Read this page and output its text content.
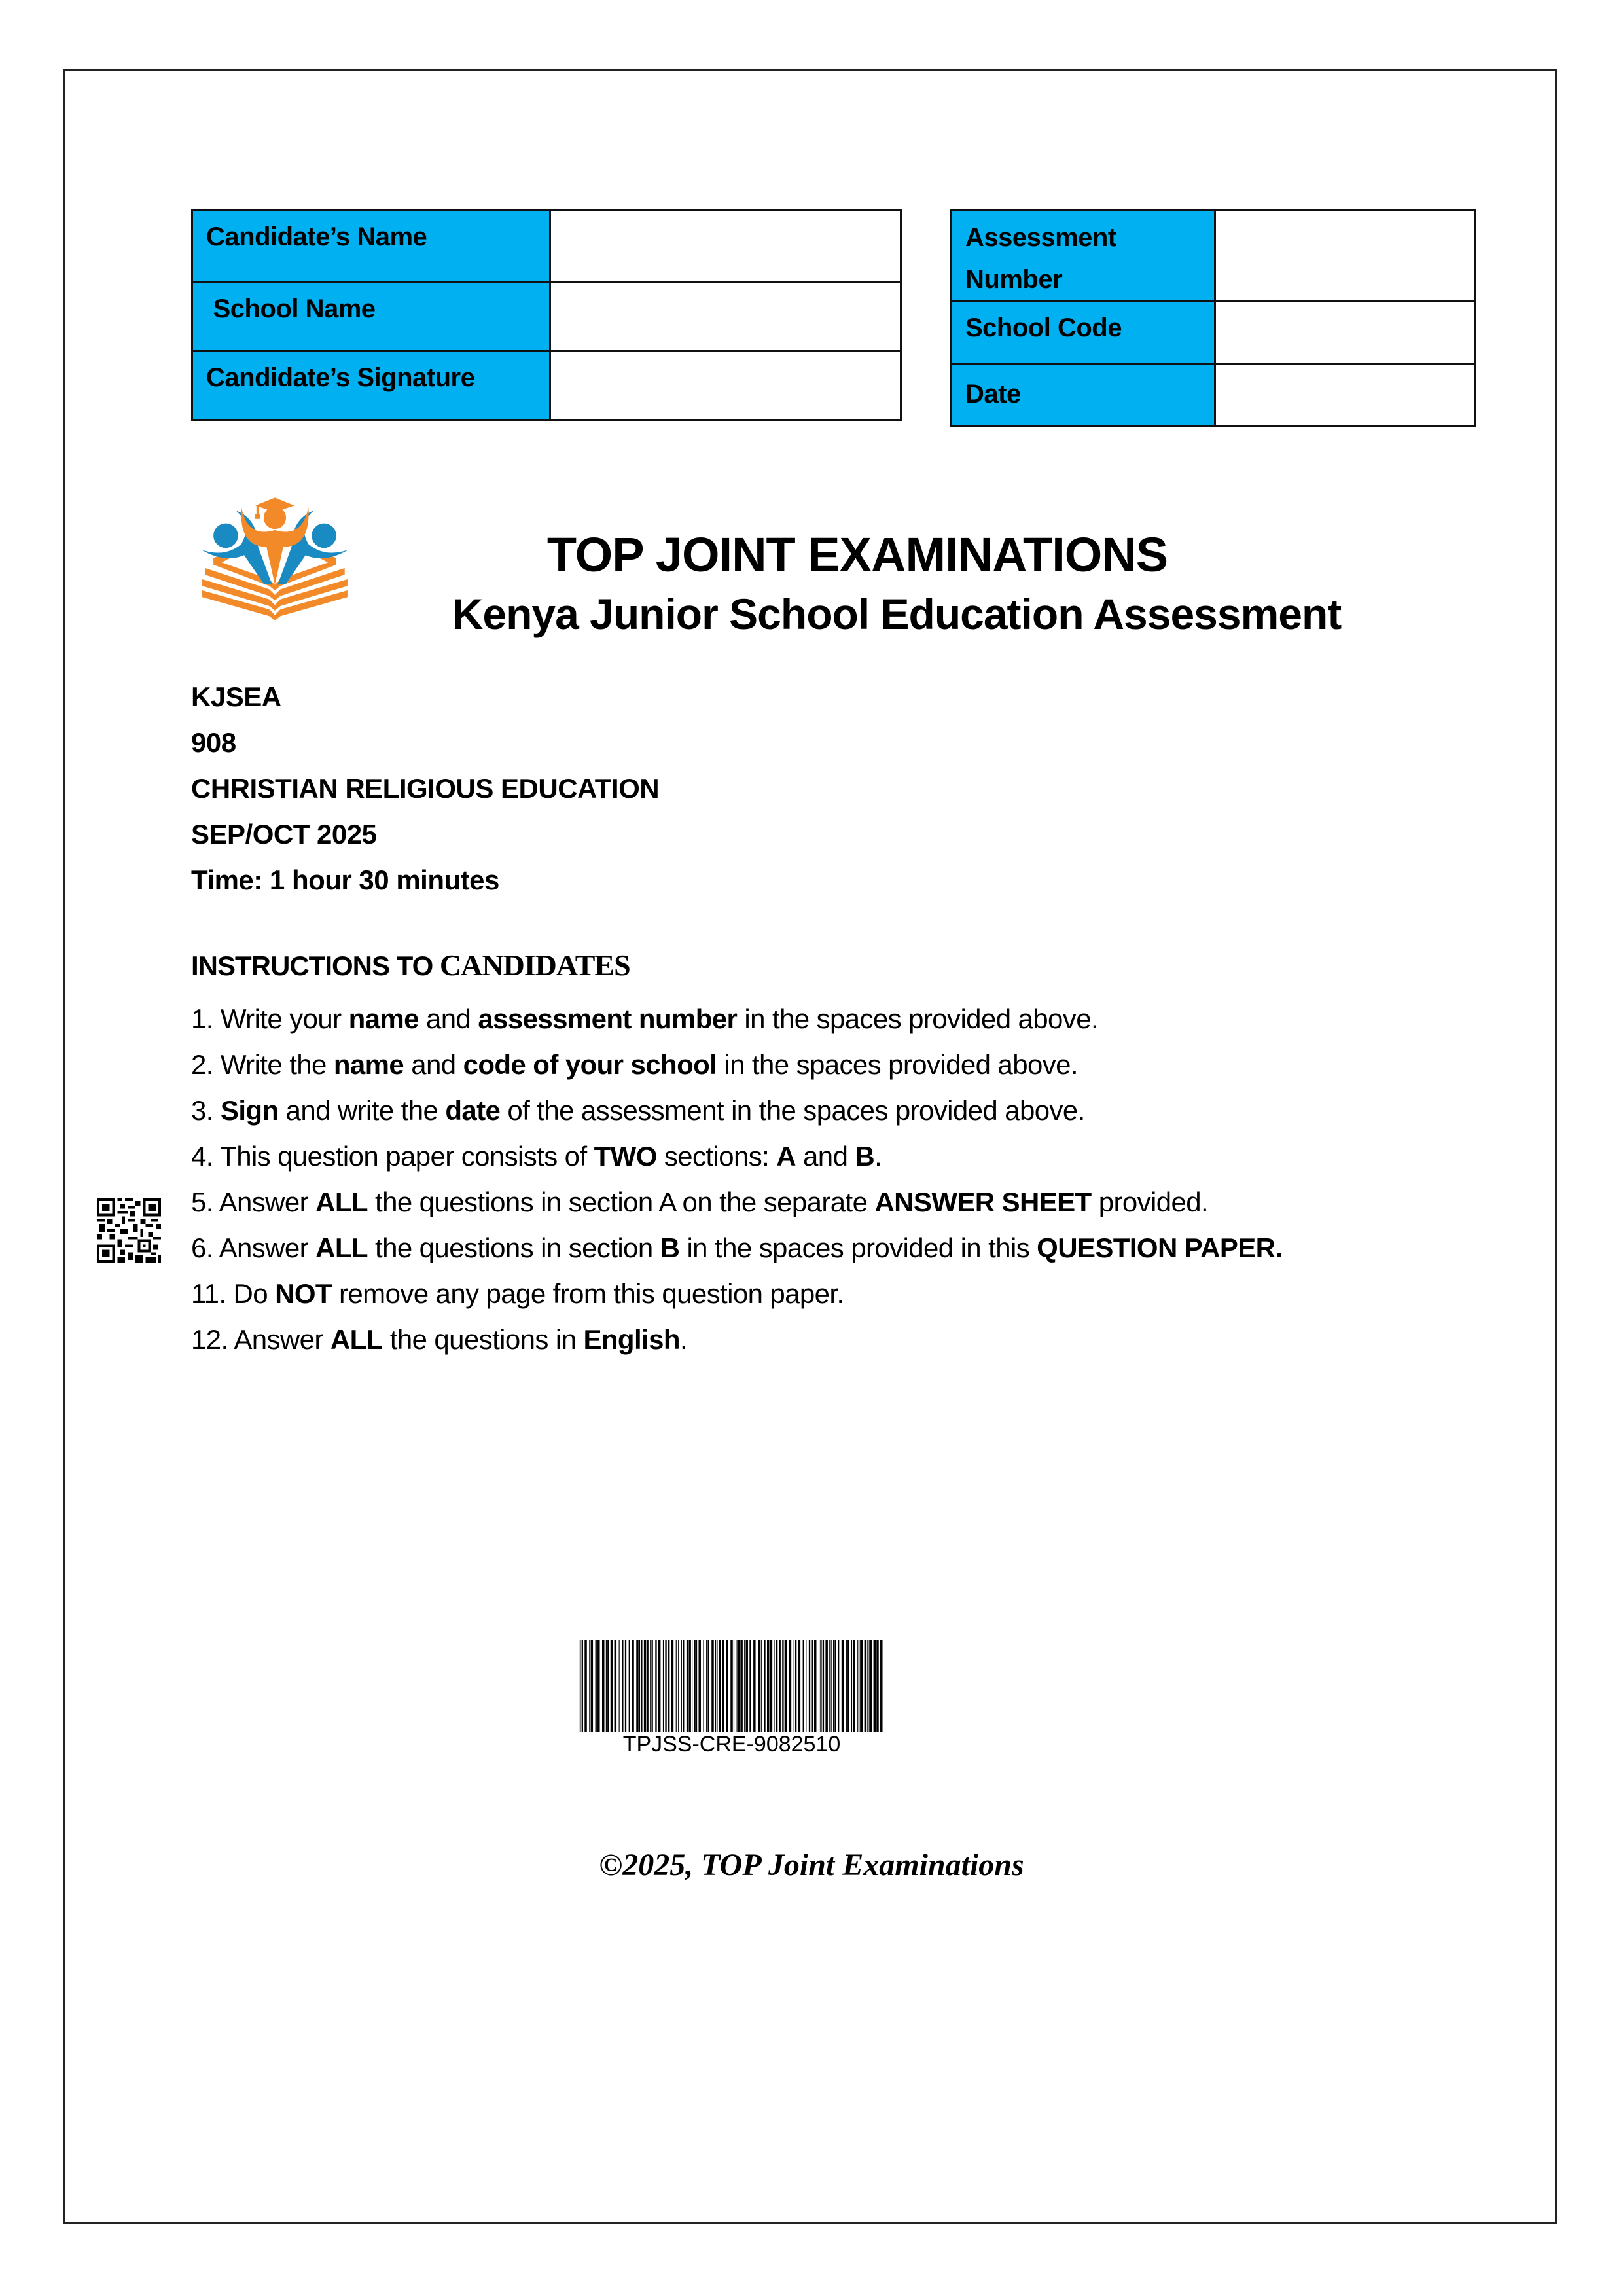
Candidate’s Name	
School Name	
Candidate’s Signature	
Assessment Number	
School Code	
Date	
TOP JOINT EXAMINATIONS
Kenya Junior School Education Assessment
KJSEA
908
CHRISTIAN RELIGIOUS EDUCATION
SEP/OCT 2025
Time: 1 hour 30 minutes
INSTRUCTIONS TO CANDIDATES
1. Write your name and assessment number in the spaces provided above.
2. Write the name and code of your school in the spaces provided above.
3. Sign and write the date of the assessment in the spaces provided above.
4. This question paper consists of TWO sections: A and B.
5. Answer ALL the questions in section A on the separate ANSWER SHEET provided.
6. Answer ALL the questions in section B in the spaces provided in this QUESTION PAPER.
11. Do NOT remove any page from this question paper.
12. Answer ALL the questions in English.
TPJSS-CRE-9082510
©2025, TOP Joint Examinations
